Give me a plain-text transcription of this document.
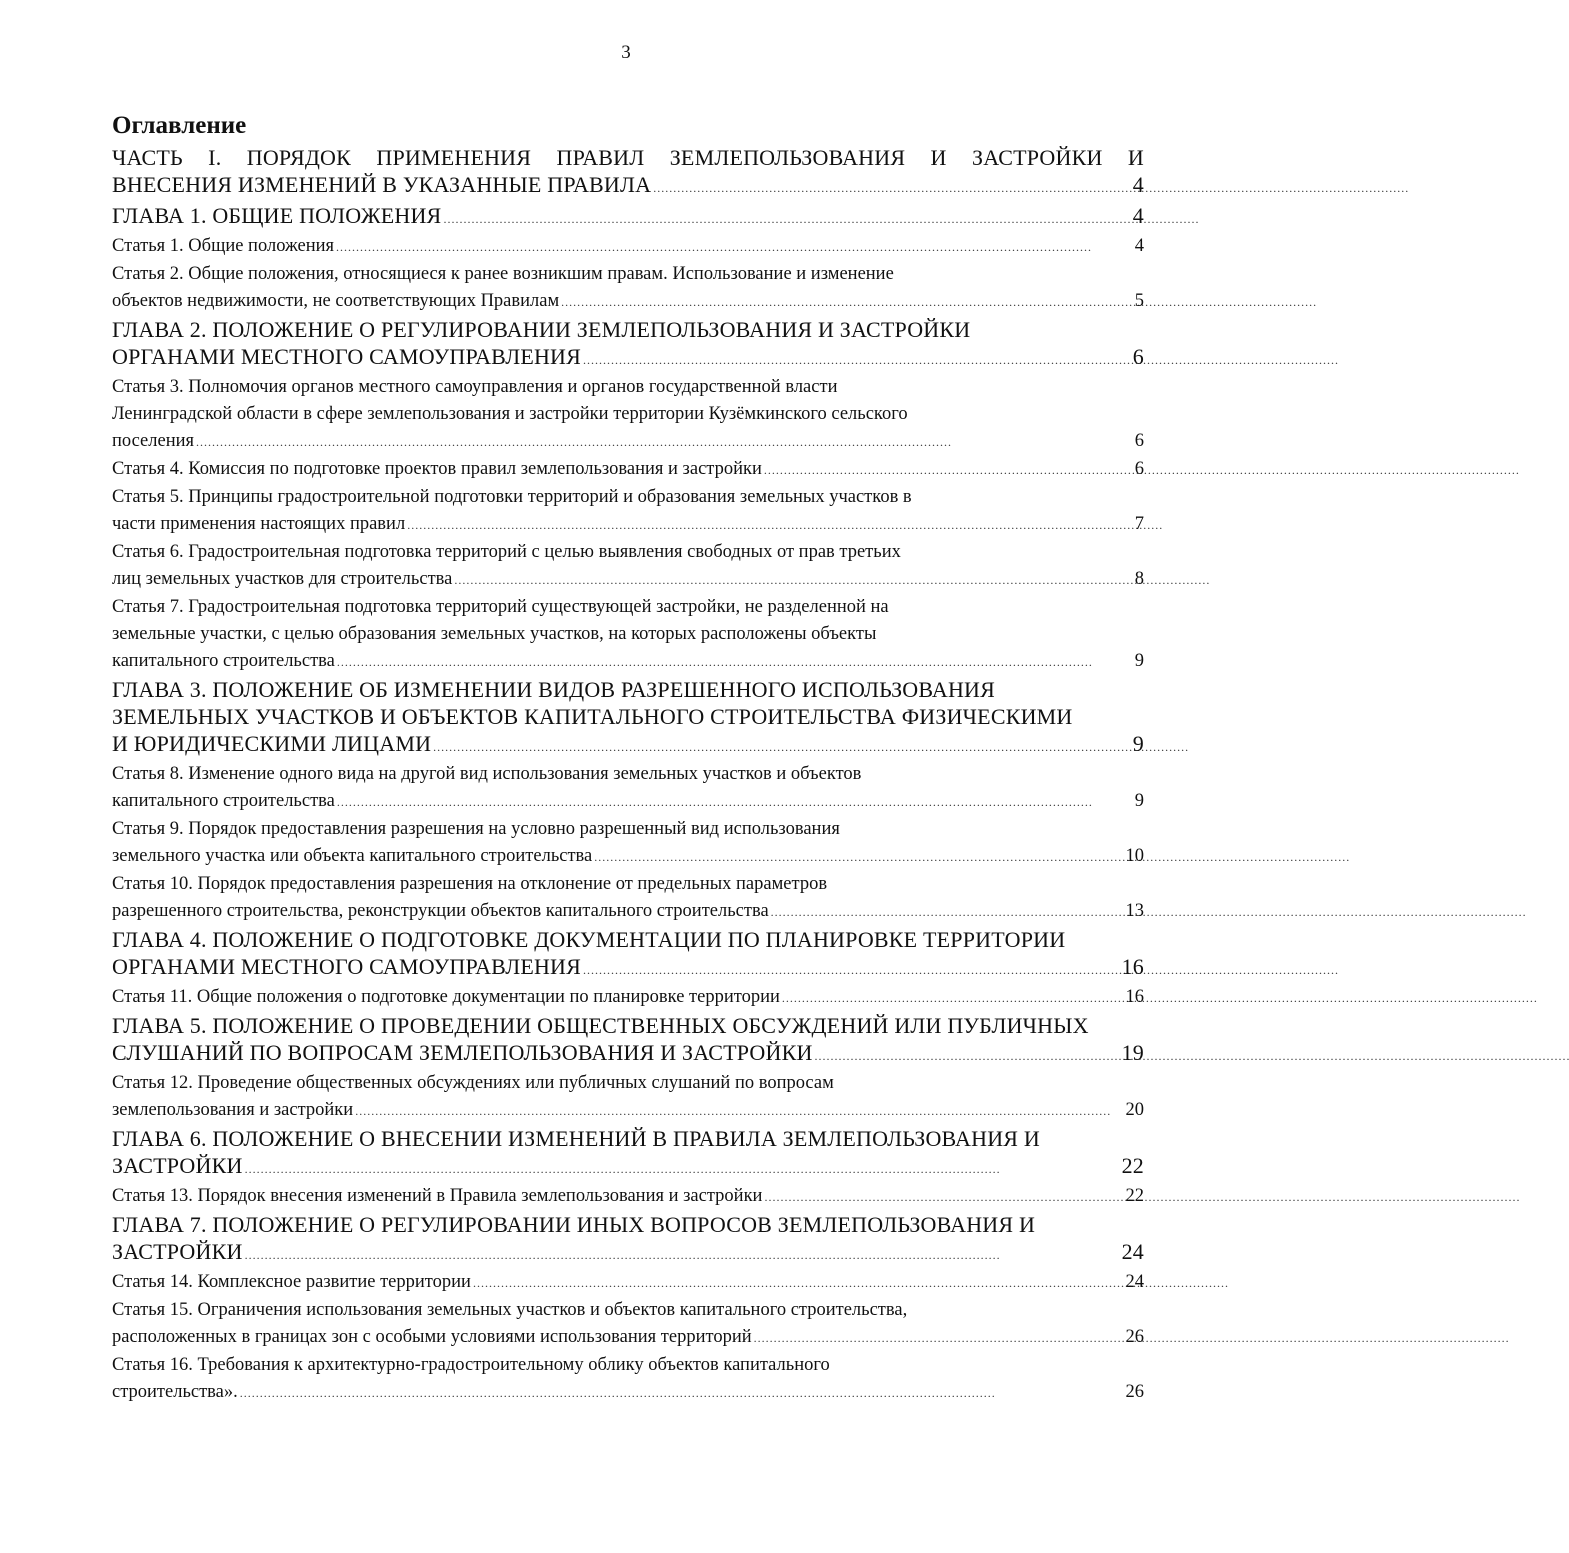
3
Оглавление
ЧАСТЬ I. ПОРЯДОК ПРИМЕНЕНИЯ ПРАВИЛ ЗЕМЛЕПОЛЬЗОВАНИЯ И ЗАСТРОЙКИ И
ВНЕСЕНИЯ ИЗМЕНЕНИЙ В УКАЗАННЫЕ ПРАВИЛА . . .	4
ГЛАВА 1. ОБЩИЕ ПОЛОЖЕНИЯ . . .	4
Статья 1. Общие положения . . .	4
Статья 2. Общие положения, относящиеся к ранее возникшим правам. Использование и изменение
объектов недвижимости, не соответствующих Правилам . . .	5
ГЛАВА 2. ПОЛОЖЕНИЕ О РЕГУЛИРОВАНИИ ЗЕМЛЕПОЛЬЗОВАНИЯ И ЗАСТРОЙКИ
ОРГАНАМИ МЕСТНОГО САМОУПРАВЛЕНИЯ . . .	6
Статья 3. Полномочия органов местного самоуправления и органов государственной власти
Ленинградской области в сфере землепользования и застройки территории Кузёмкинского сельского
поселения . . .	6
Статья 4. Комиссия по подготовке проектов правил землепользования и застройки . . .	6
Статья 5. Принципы градостроительной подготовки территорий и образования земельных участков в
части применения настоящих правил . . .	7
Статья 6. Градостроительная подготовка территорий с целью выявления свободных от прав третьих
лиц земельных участков для строительства . . .	8
Статья 7. Градостроительная подготовка территорий существующей застройки, не разделенной на
земельные участки, с целью образования земельных участков, на которых расположены объекты
капитального строительства . . .	9
ГЛАВА 3. ПОЛОЖЕНИЕ ОБ ИЗМЕНЕНИИ ВИДОВ РАЗРЕШЕННОГО ИСПОЛЬЗОВАНИЯ
ЗЕМЕЛЬНЫХ УЧАСТКОВ И ОБЪЕКТОВ КАПИТАЛЬНОГО СТРОИТЕЛЬСТВА ФИЗИЧЕСКИМИ
И ЮРИДИЧЕСКИМИ ЛИЦАМИ . . .	9
Статья 8. Изменение одного вида на другой вид использования земельных участков и объектов
капитального строительства . . .	9
Статья 9. Порядок предоставления разрешения на условно разрешенный вид использования
земельного участка или объекта капитального строительства . . .	10
Статья 10. Порядок предоставления разрешения на отклонение от предельных параметров
разрешенного строительства, реконструкции объектов капитального строительства . . .	13
ГЛАВА 4. ПОЛОЖЕНИЕ О ПОДГОТОВКЕ ДОКУМЕНТАЦИИ ПО ПЛАНИРОВКЕ ТЕРРИТОРИИ
ОРГАНАМИ МЕСТНОГО САМОУПРАВЛЕНИЯ . . .	16
Статья 11. Общие положения о подготовке документации по планировке территории . . .	16
ГЛАВА 5. ПОЛОЖЕНИЕ О ПРОВЕДЕНИИ ОБЩЕСТВЕННЫХ ОБСУЖДЕНИЙ ИЛИ ПУБЛИЧНЫХ
СЛУШАНИЙ ПО ВОПРОСАМ ЗЕМЛЕПОЛЬЗОВАНИЯ И ЗАСТРОЙКИ . . .	19
Статья 12. Проведение общественных обсуждениях или публичных слушаний по вопросам
землепользования и застройки . . .	20
ГЛАВА 6. ПОЛОЖЕНИЕ О ВНЕСЕНИИ ИЗМЕНЕНИЙ В ПРАВИЛА ЗЕМЛЕПОЛЬЗОВАНИЯ И
ЗАСТРОЙКИ . . .	22
Статья 13. Порядок внесения изменений в Правила землепользования и застройки . . .	22
ГЛАВА 7. ПОЛОЖЕНИЕ О РЕГУЛИРОВАНИИ ИНЫХ ВОПРОСОВ ЗЕМЛЕПОЛЬЗОВАНИЯ И
ЗАСТРОЙКИ . . .	24
Статья 14. Комплексное развитие территории . . .	24
Статья 15. Ограничения использования земельных участков и объектов капитального строительства,
расположенных в границах зон с особыми условиями использования территорий . . .	26
Статья 16. Требования к архитектурно-градостроительному облику объектов капитального
строительства». . . .	26
